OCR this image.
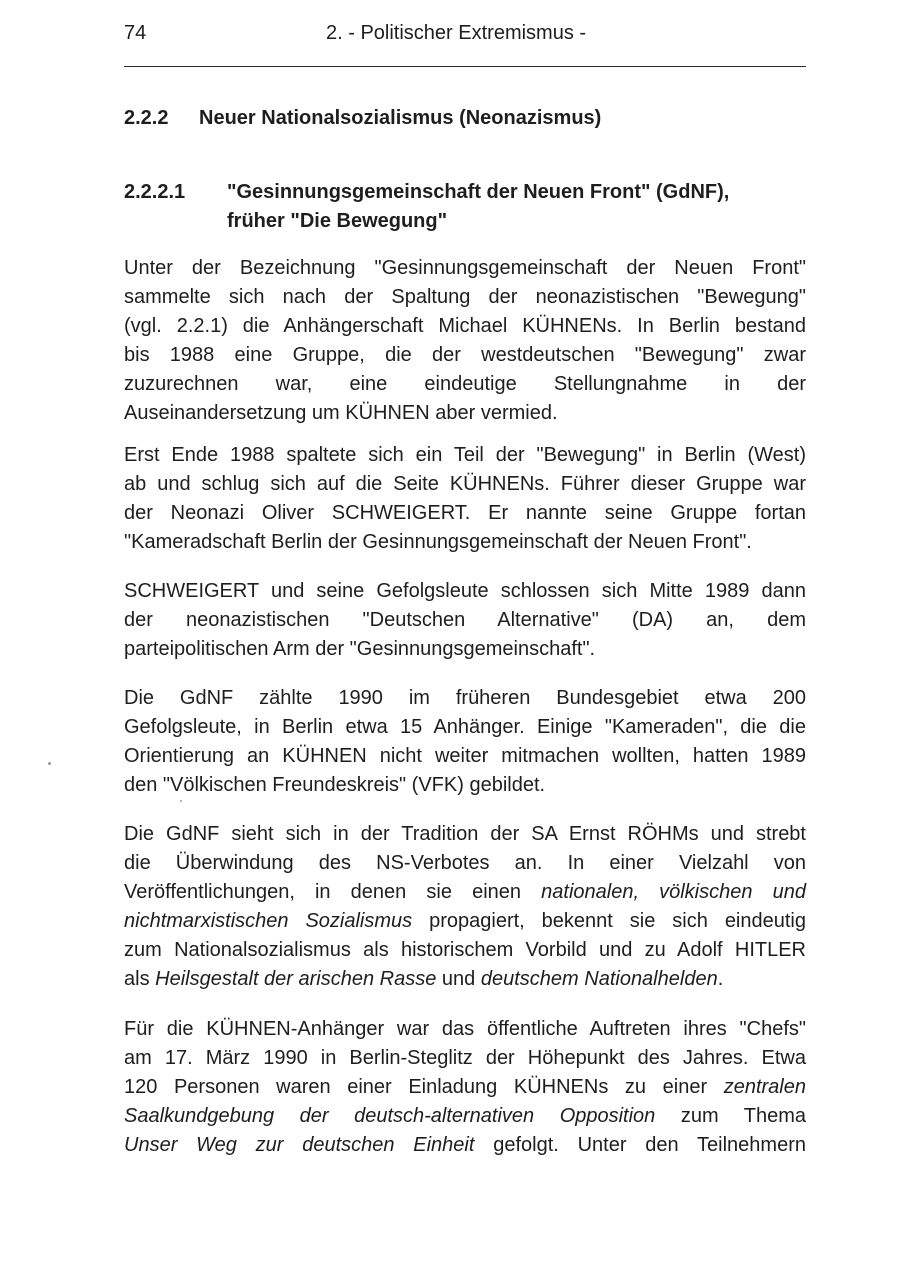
74	2. - Politischer Extremismus -
2.2.2 Neuer Nationalsozialismus (Neonazismus)
2.2.2.1 "Gesinnungsgemeinschaft der Neuen Front" (GdNF),
früher "Die Bewegung"

Unter der Bezeichnung "Gesinnungsgemeinschaft der Neuen Front"
sammelte sich nach der Spaltung der neonazistischen "Bewegung"
(vgl. 2.2.1) die Anhängerschaft Michael KÜHNENs. In Berlin bestand
bis 1988 eine Gruppe, die der westdeutschen "Bewegung" zwar
zuzurechnen war, eine eindeutige Stellungnahme in der
Auseinandersetzung um KÜHNEN aber vermied.

Erst Ende 1988 spaltete sich ein Teil der "Bewegung" in Berlin (West)
ab und schlug sich auf die Seite KÜHNENs. Führer dieser Gruppe war
der Neonazi Oliver SCHWEIGERT. Er nannte seine Gruppe fortan
"Kameradschaft Berlin der Gesinnungsgemeinschaft der Neuen Front".

SCHWEIGERT und seine Gefolgsleute schlossen sich Mitte 1989 dann
der neonazistischen "Deutschen Alternative" (DA) an, dem
parteipolitischen Arm der "Gesinnungsgemeinschaft".

Die GdNF zählte 1990 im früheren Bundesgebiet etwa 200
Gefolgsleute, in Berlin etwa 15 Anhänger. Einige "Kameraden", die die
Orientierung an KÜHNEN nicht weiter mitmachen wollten, hatten 1989
den "Völkischen Freundeskreis" (VFK) gebildet.

Die GdNF sieht sich in der Tradition der SA Ernst RÖHMs und strebt
die Überwindung des NS-Verbotes an. In einer Vielzahl von
Veröffentlichungen, in denen sie einen nationalen, völkischen und
nichtmarxistischen Sozialismus propagiert, bekennt sie sich eindeutig
zum Nationalsozialismus als historischem Vorbild und zu Adolf HITLER
als Heilsgestalt der arischen Rasse und deutschem Nationalhelden.

Für die KÜHNEN-Anhänger war das öffentliche Auftreten ihres "Chefs"
am 17. März 1990 in Berlin-Steglitz der Höhepunkt des Jahres. Etwa
120 Personen waren einer Einladung KÜHNENs zu einer zentralen
Saalkundgebung der deutsch-alternativen Opposition zum Thema
Unser Weg zur deutschen Einheit gefolgt. Unter den Teilnehmern
